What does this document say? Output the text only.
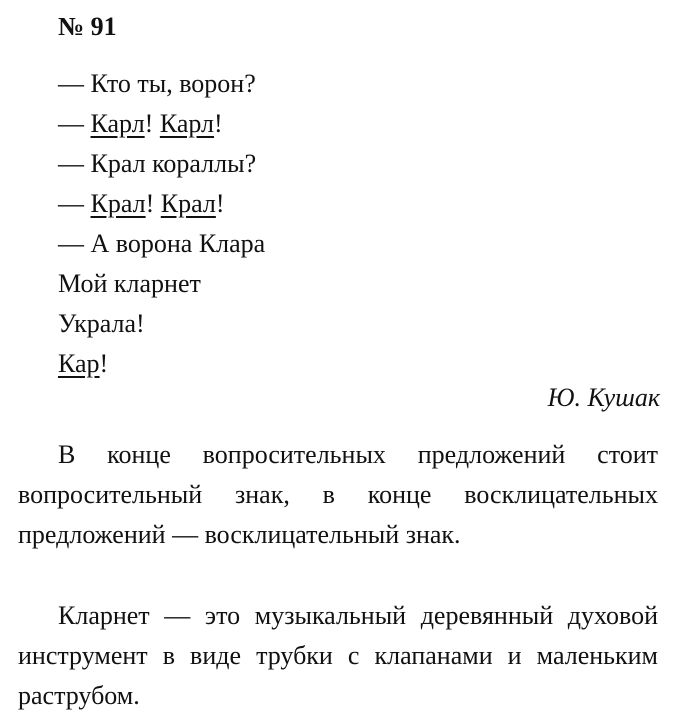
№ 91
— Кто ты, ворон?
— Карл! Карл!
— Крал кораллы?
— Крал! Крал!
— А ворона Клара
Мой кларнет
Украла!
Кар!
Ю. Кушак

В конце вопросительных предложений стоит вопросительный знак, в конце восклицательных предложений — восклицательный знак.

Кларнет — это музыкальный деревянный духовой инструмент в виде трубки с клапанами и маленьким раструбом.
